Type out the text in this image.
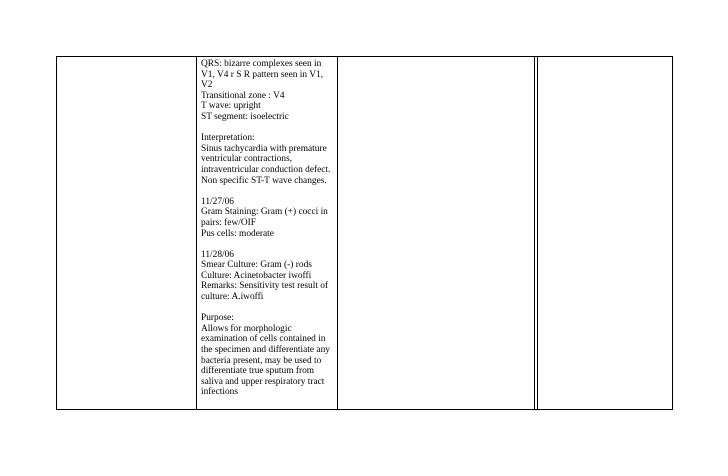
QRS: bizarre complexes seen in
V1, V4 r S R pattern seen in V1,
V2
Transitional zone : V4
T wave: upright
ST segment: isoelectric
Interpretation:
Sinus tachycardia with premature
ventricular contractions,
intraventricular conduction defect.
Non specific ST-T wave changes.
11/27/06
Gram Staining: Gram (+) cocci in
pairs: few/OIF
Pus cells: moderate
11/28/06
Smear Culture: Gram (-) rods
Culture: Acinetobacter iwoffi
Remarks: Sensitivity test result of
culture: A.iwoffi
Purpose:
Allows for morphologic
examination of cells contained in
the specimen and differentiate any
bacteria present, may be used to
differentiate true sputum from
saliva and upper respiratory tract
infections
